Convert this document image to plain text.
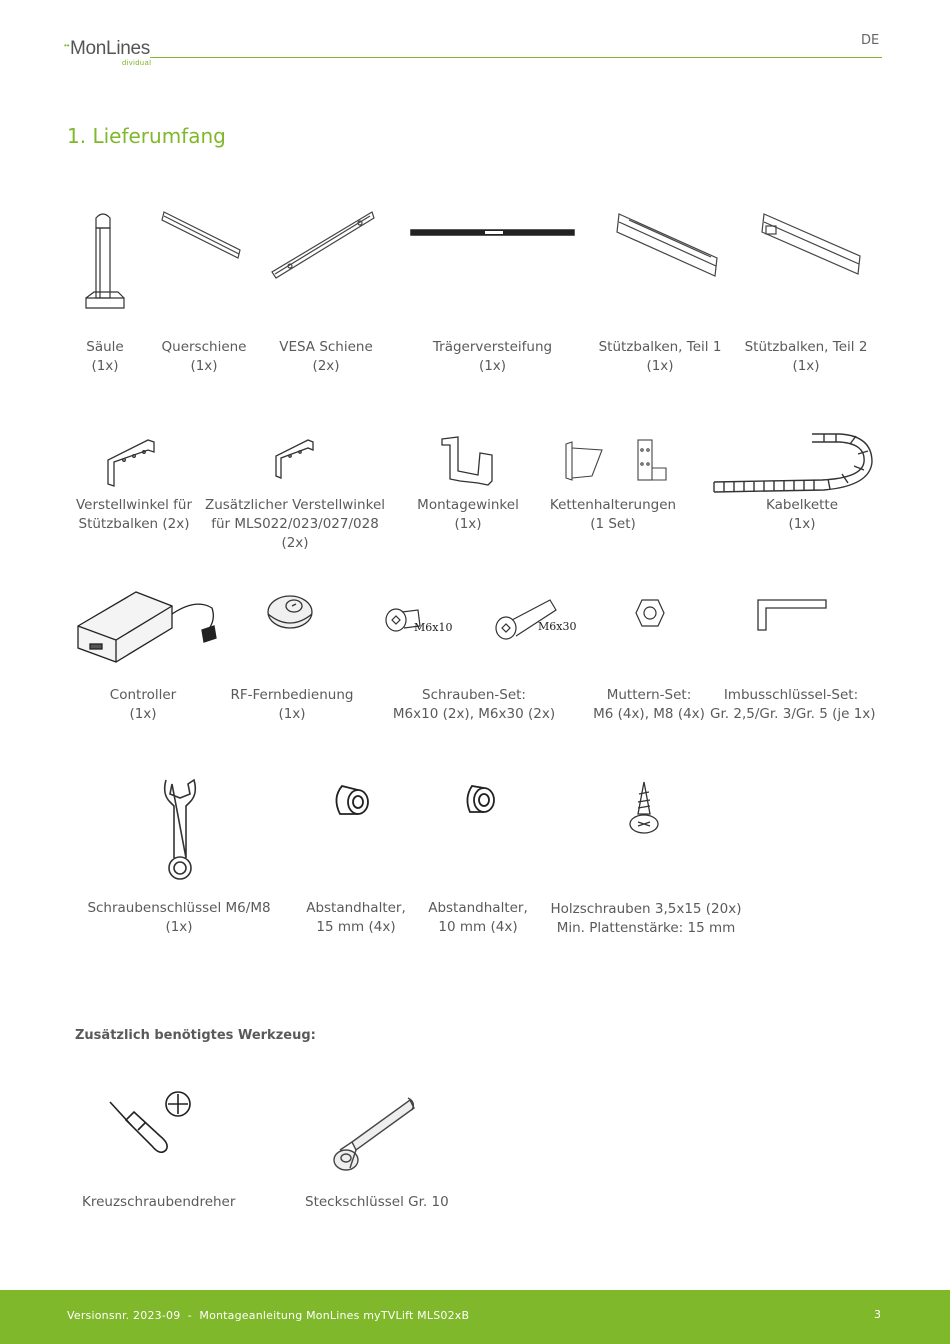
•• MonLines
dividual
DE
1. Lieferumfang
Säule
(1x)
Querschiene
(1x)
VESA Schiene
(2x)
Trägerversteifung
(1x)
Stützbalken, Teil 1
(1x)
Stützbalken, Teil 2
(1x)
Verstellwinkel für
Stützbalken (2x)
Zusätzlicher Verstellwinkel
für MLS022/023/027/028
(2x)
Montagewinkel
(1x)
Kettenhalterungen
(1 Set)
Kabelkette
(1x)
M6x10	M6x30
Controller
(1x)
RF-Fernbedienung
(1x)
Schrauben-Set:
M6x10 (2x), M6x30 (2x)
Muttern-Set:
M6 (4x), M8 (4x)
Imbusschlüssel-Set:
Gr. 2,5/Gr. 3/Gr. 5 (je 1x)
Schraubenschlüssel M6/M8
(1x)
Abstandhalter,
15 mm (4x)
Abstandhalter,
10 mm (4x)
Holzschrauben 3,5x15 (20x)
Min. Plattenstärke: 15 mm
Zusätzlich benötigtes Werkzeug:
Kreuzschraubendreher	Steckschlüssel Gr. 10
Versionsnr. 2023-09  -  Montageanleitung MonLines myTVLift MLS02xB	3
